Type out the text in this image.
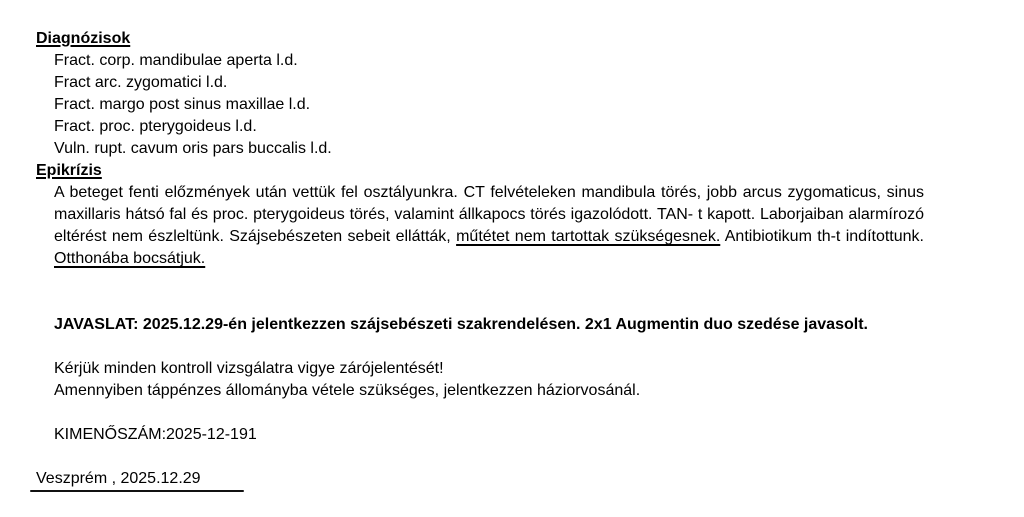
Diagnózisok
Fract. corp. mandibulae aperta l.d.
Fract arc. zygomatici l.d.
Fract. margo post sinus maxillae l.d.
Fract. proc. pterygoideus l.d.
Vuln. rupt. cavum oris pars buccalis l.d.
Epikrízis
A beteget fenti előzmények után vettük fel osztályunkra. CT felvételeken mandibula törés, jobb arcus zygomaticus, sinus maxillaris hátsó fal és proc. pterygoideus törés, valamint állkapocs törés igazolódott. TAN- t kapott. Laborjaiban alarmírozó eltérést nem észleltünk. Szájsebészeten sebeit ellátták, műtétet nem tartottak szükségesnek. Antibiotikum th-t indítottunk. Otthonába bocsátjuk.
JAVASLAT: 2025.12.29-én jelentkezzen szájsebészeti szakrendelésen. 2x1 Augmentin duo szedése javasolt.
Kérjük minden kontroll vizsgálatra vigye zárójelentését!
Amennyiben táppénzes állományba vétele szükséges, jelentkezzen háziorvosánál.
KIMENŐSZÁM:2025-12-191
Veszprém , 2025.12.29
